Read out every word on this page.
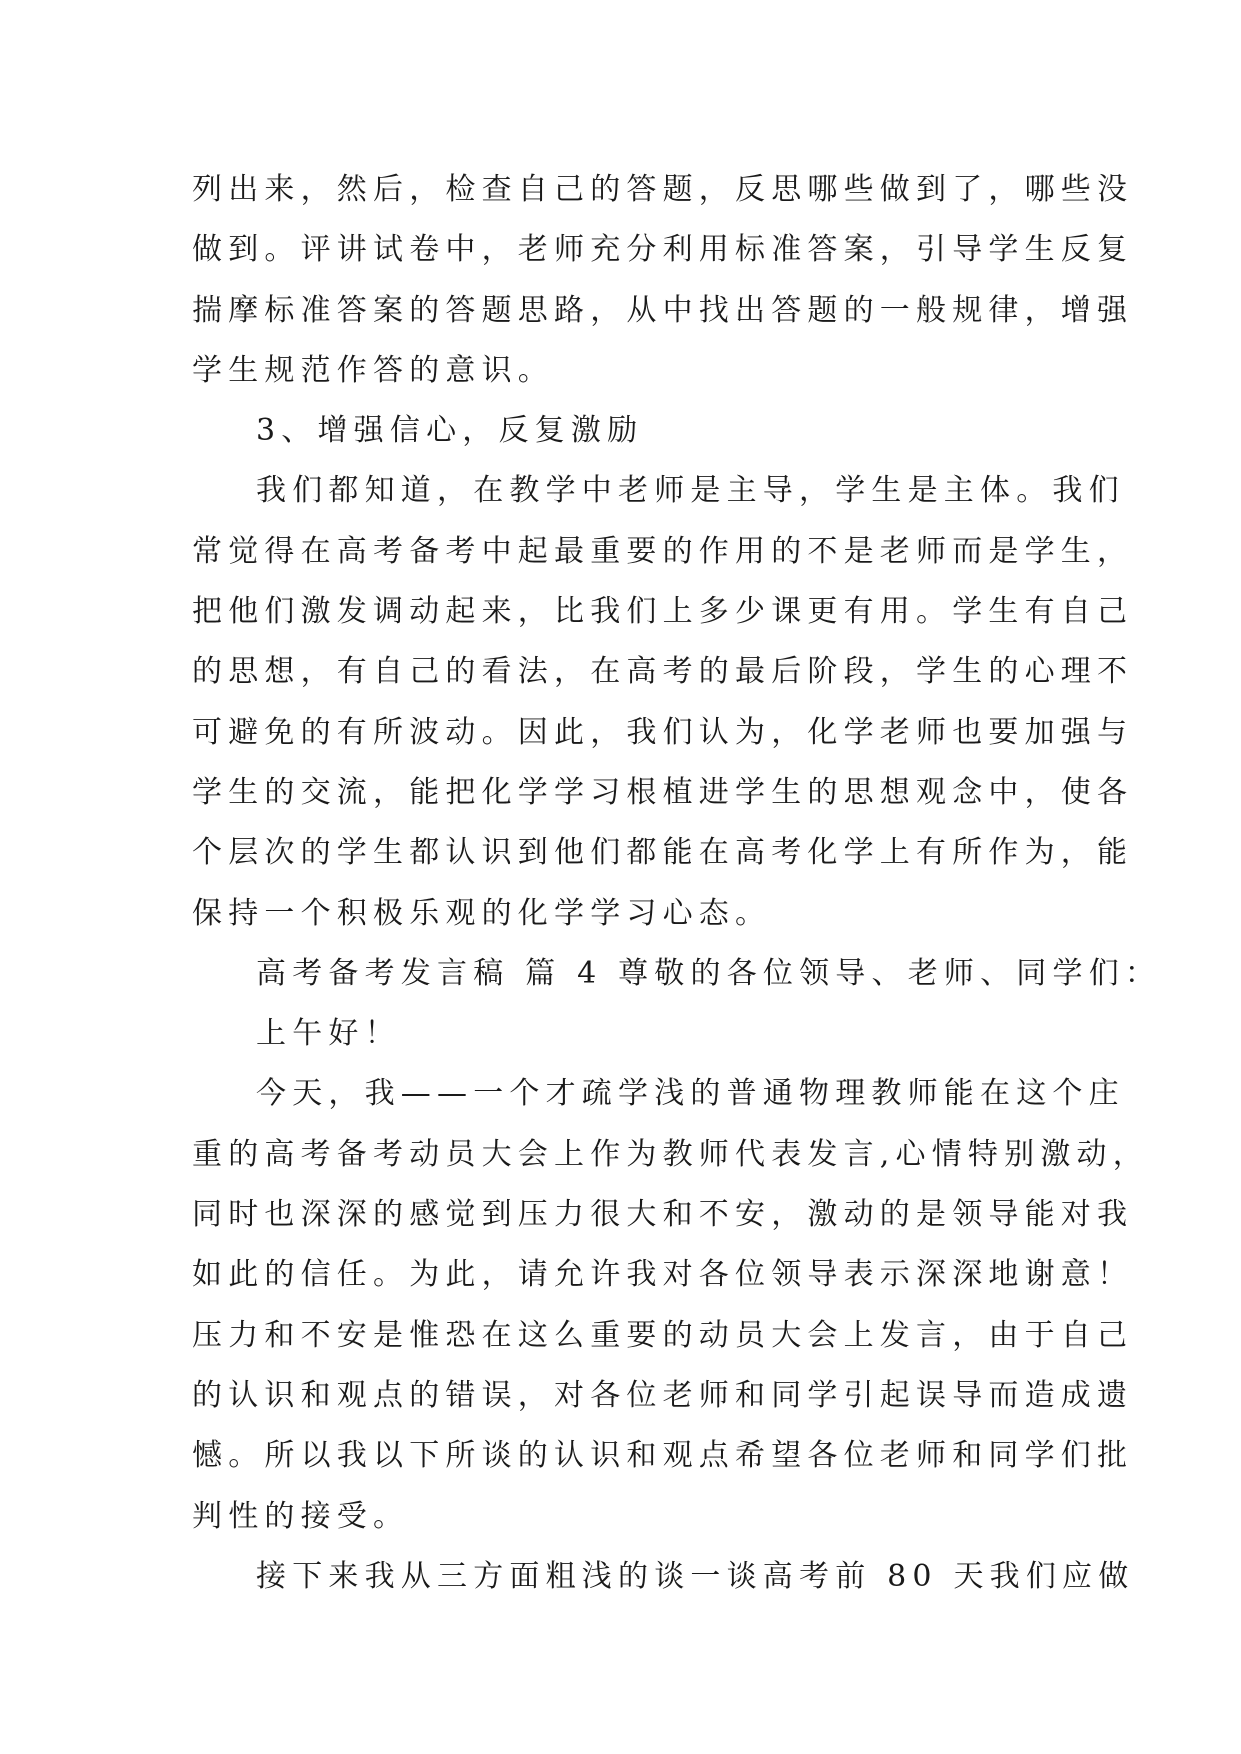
列出来，然后，检查自己的答题，反思哪些做到了，哪些没
做到。评讲试卷中，老师充分利用标准答案，引导学生反复
揣摩标准答案的答题思路，从中找出答题的一般规律，增强
学生规范作答的意识。
3、增强信心，反复激励
我们都知道，在教学中老师是主导，学生是主体。我们
常觉得在高考备考中起最重要的作用的不是老师而是学生，
把他们激发调动起来，比我们上多少课更有用。学生有自己
的思想，有自己的看法，在高考的最后阶段，学生的心理不
可避免的有所波动。因此，我们认为，化学老师也要加强与
学生的交流，能把化学学习根植进学生的思想观念中，使各
个层次的学生都认识到他们都能在高考化学上有所作为，能
保持一个积极乐观的化学学习心态。
高考备考发言稿 篇 4 尊敬的各位领导、老师、同学们：
上午好！
今天，我——一个才疏学浅的普通物理教师能在这个庄
重的高考备考动员大会上作为教师代表发言,心情特别激动，
同时也深深的感觉到压力很大和不安，激动的是领导能对我
如此的信任。为此，请允许我对各位领导表示深深地谢意！
压力和不安是惟恐在这么重要的动员大会上发言，由于自己
的认识和观点的错误，对各位老师和同学引起误导而造成遗
憾。所以我以下所谈的认识和观点希望各位老师和同学们批
判性的接受。
接下来我从三方面粗浅的谈一谈高考前 80 天我们应做
